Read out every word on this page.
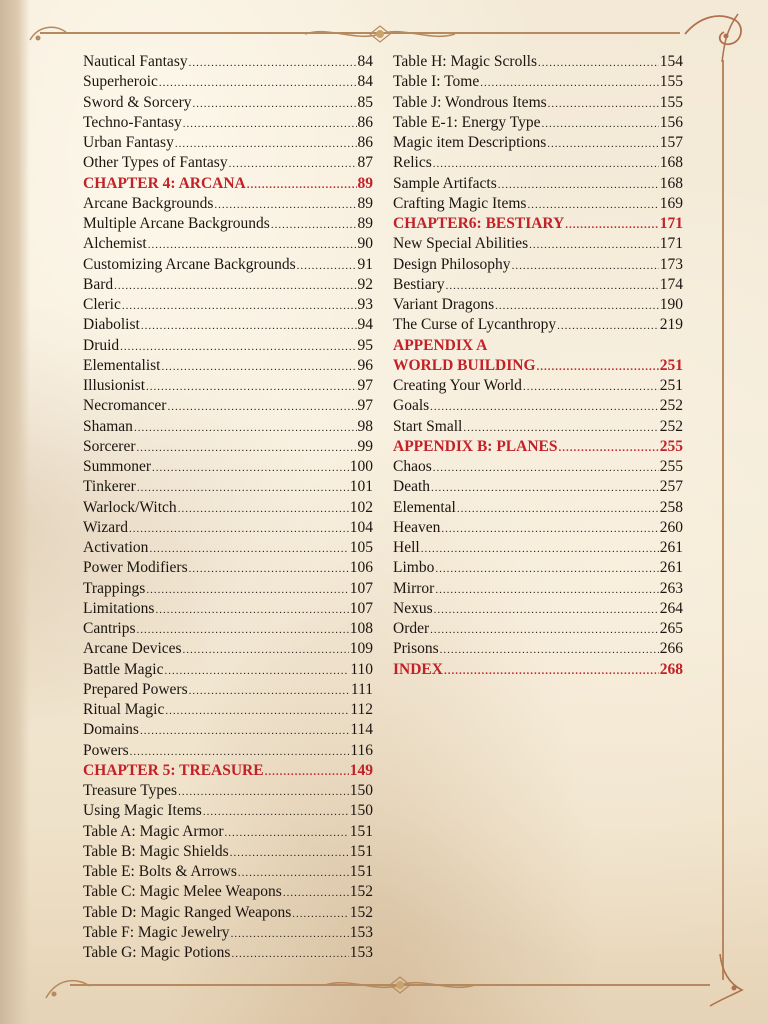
Nautical Fantasy .....	84
Superheroic .....	84
Sword & Sorcery .....	85
Techno-Fantasy .....	86
Urban Fantasy .....	86
Other Types of Fantasy .....	87
CHAPTER 4: ARCANA .....	89
Arcane Backgrounds .....	89
Multiple Arcane Backgrounds .....	89
Alchemist .....	90
Customizing Arcane Backgrounds .....	91
Bard .....	92
Cleric .....	93
Diabolist .....	94
Druid .....	95
Elementalist .....	96
Illusionist .....	97
Necromancer .....	97
Shaman .....	98
Sorcerer .....	99
Summoner .....	100
Tinkerer .....	101
Warlock/Witch .....	102
Wizard .....	104
Activation .....	105
Power Modifiers .....	106
Trappings .....	107
Limitations .....	107
Cantrips .....	108
Arcane Devices .....	109
Battle Magic .....	110
Prepared Powers .....	111
Ritual Magic .....	112
Domains .....	114
Powers .....	116
CHAPTER 5: TREASURE .....	149
Treasure Types .....	150
Using Magic Items .....	150
Table A: Magic Armor .....	151
Table B: Magic Shields .....	151
Table E: Bolts & Arrows .....	151
Table C: Magic Melee Weapons .....	152
Table D: Magic Ranged Weapons .....	152
Table F: Magic Jewelry .....	153
Table G: Magic Potions .....	153
Table H: Magic Scrolls .....	154
Table I: Tome .....	155
Table J: Wondrous Items .....	155
Table E-1: Energy Type .....	156
Magic item Descriptions .....	157
Relics .....	168
Sample Artifacts .....	168
Crafting Magic Items .....	169
CHAPTER6: BESTIARY .....	171
New Special Abilities .....	171
Design Philosophy .....	173
Bestiary .....	174
Variant Dragons .....	190
The Curse of Lycanthropy .....	219
APPENDIX A
WORLD BUILDING .....	251
Creating Your World .....	251
Goals .....	252
Start Small .....	252
APPENDIX B: PLANES .....	255
Chaos .....	255
Death .....	257
Elemental .....	258
Heaven .....	260
Hell .....	261
Limbo .....	261
Mirror .....	263
Nexus .....	264
Order .....	265
Prisons .....	266
INDEX .....	268
